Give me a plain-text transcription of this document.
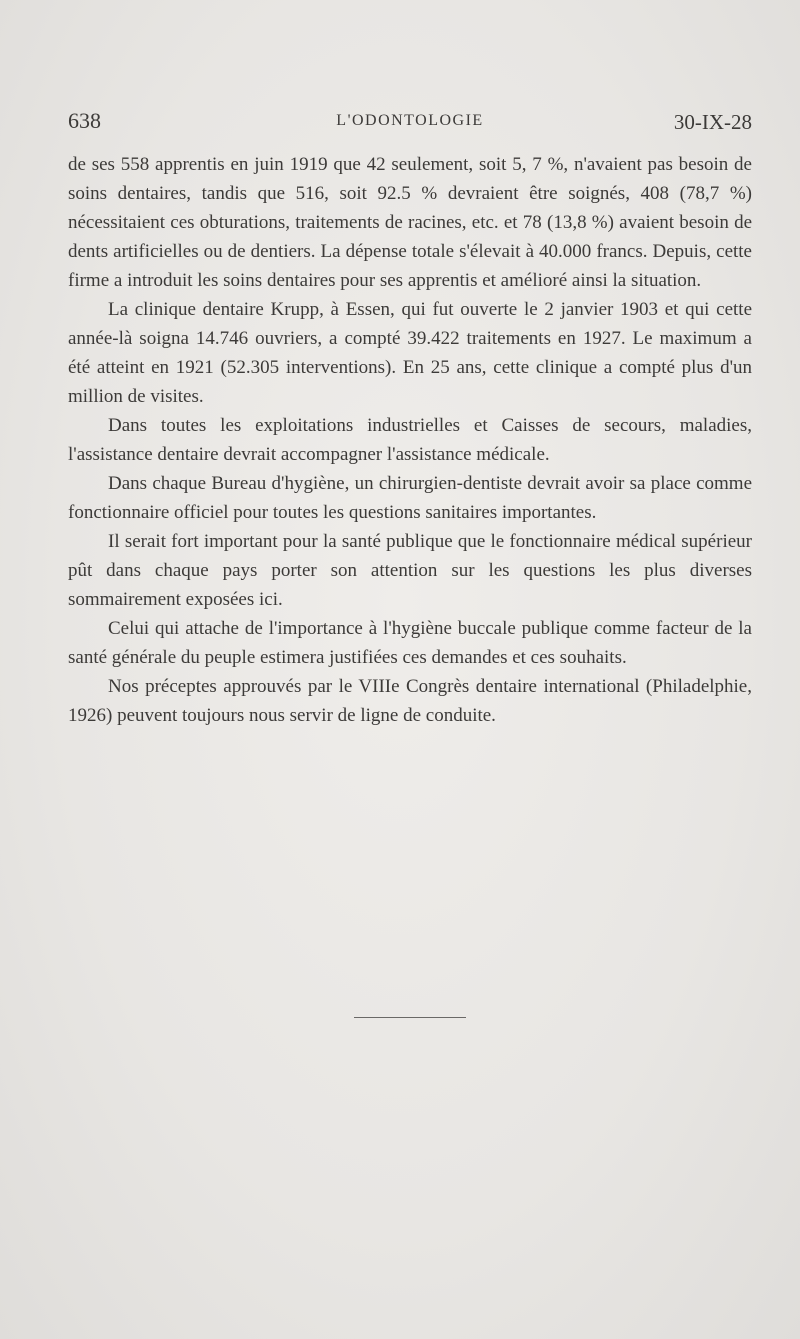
638	L'ODONTOLOGIE	30-IX-28

de ses 558 apprentis en juin 1919 que 42 seulement, soit 5, 7 %, n'avaient pas besoin de soins dentaires, tandis que 516, soit 92.5 % devraient être soignés, 408 (78,7 %) nécessitaient ces obturations, traitements de racines, etc. et 78 (13,8 %) avaient besoin de dents artificielles ou de dentiers. La dépense totale s'élevait à 40.000 francs. Depuis, cette firme a introduit les soins dentaires pour ses apprentis et amélioré ainsi la situation.

La clinique dentaire Krupp, à Essen, qui fut ouverte le 2 janvier 1903 et qui cette année-là soigna 14.746 ouvriers, a compté 39.422 traitements en 1927. Le maximum a été atteint en 1921 (52.305 interventions). En 25 ans, cette clinique a compté plus d'un million de visites.

Dans toutes les exploitations industrielles et Caisses de secours, maladies, l'assistance dentaire devrait accompagner l'assistance médicale.

Dans chaque Bureau d'hygiène, un chirurgien-dentiste devrait avoir sa place comme fonctionnaire officiel pour toutes les questions sanitaires importantes.

Il serait fort important pour la santé publique que le fonctionnaire médical supérieur pût dans chaque pays porter son attention sur les questions les plus diverses sommairement exposées ici.

Celui qui attache de l'importance à l'hygiène buccale publique comme facteur de la santé générale du peuple estimera justifiées ces demandes et ces souhaits.

Nos préceptes approuvés par le VIIIe Congrès dentaire international (Philadelphie, 1926) peuvent toujours nous servir de ligne de conduite.
